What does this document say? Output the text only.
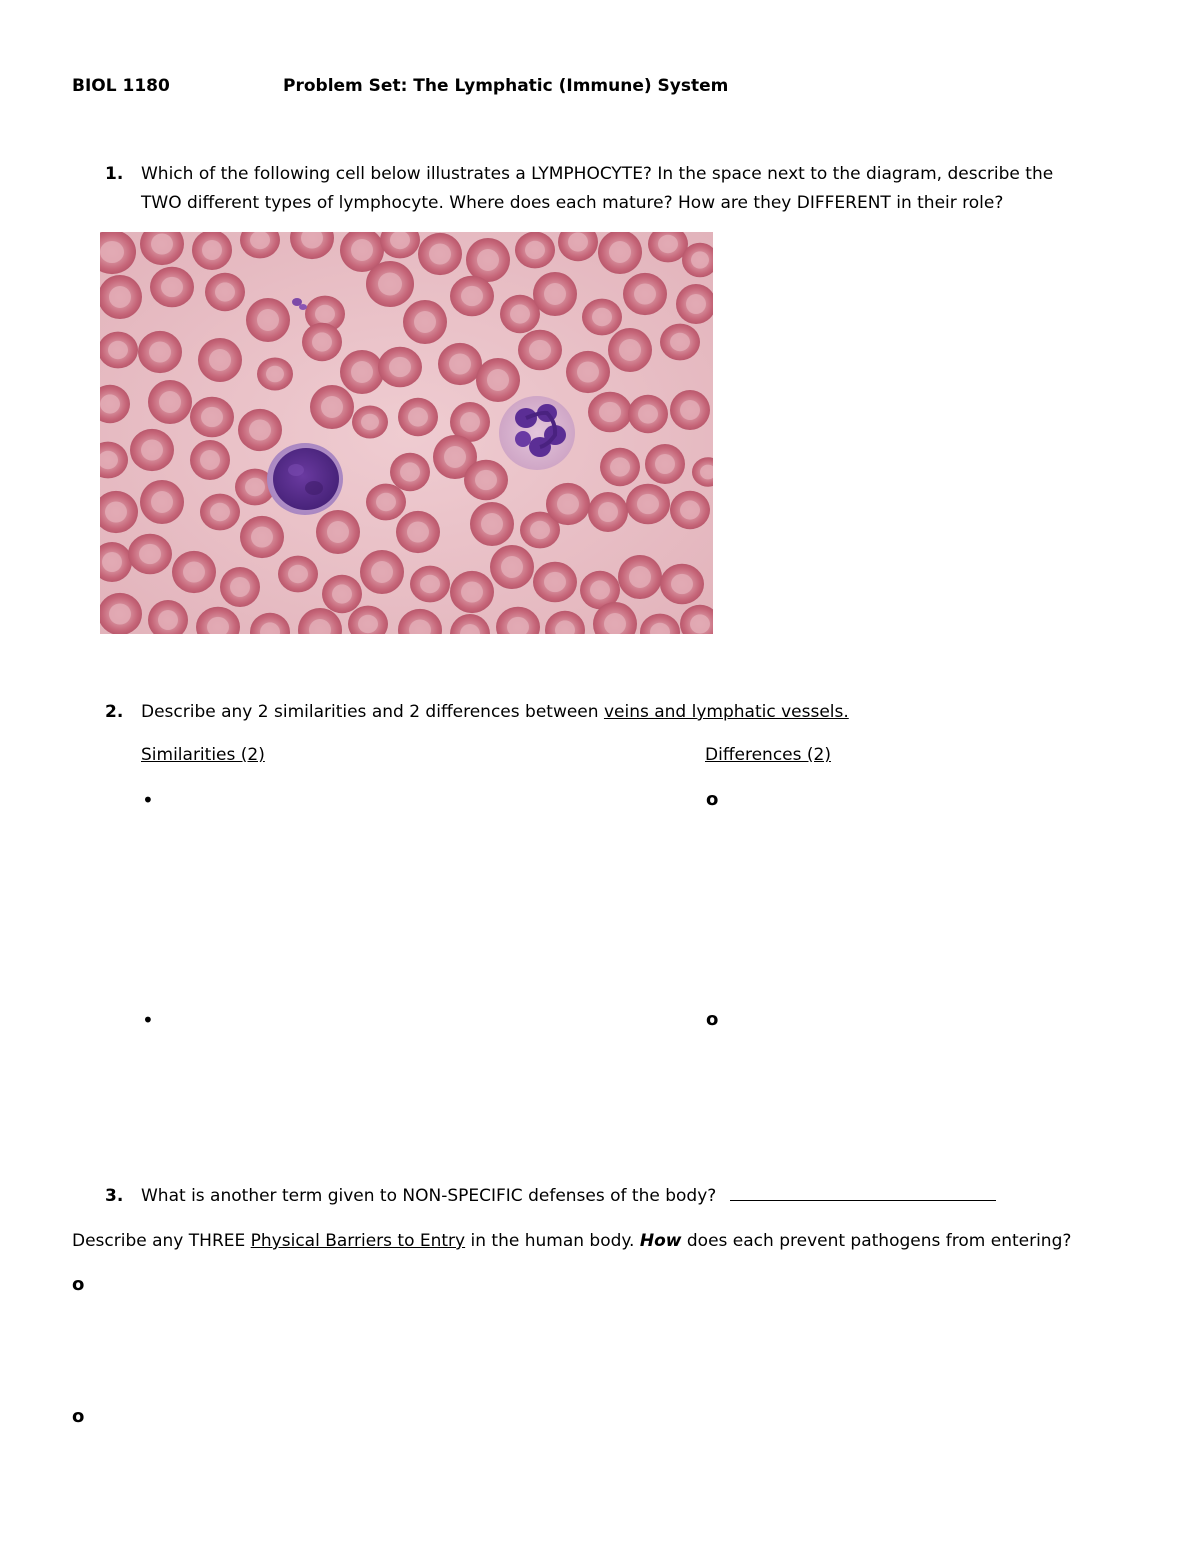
BIOL 1180	Problem Set: The Lymphatic (Immune) System
1. Which of the following cell below illustrates a LYMPHOCYTE? In the space next to the diagram, describe the
TWO different types of lymphocyte. Where does each mature? How are they DIFFERENT in their role?
2. Describe any 2 similarities and 2 differences between veins and lymphatic vessels.
Similarities (2)	Differences (2)
•	o
•	o
3. What is another term given to NON-SPECIFIC defenses of the body?
Describe any THREE Physical Barriers to Entry in the human body. How does each prevent pathogens from entering?
o
o
